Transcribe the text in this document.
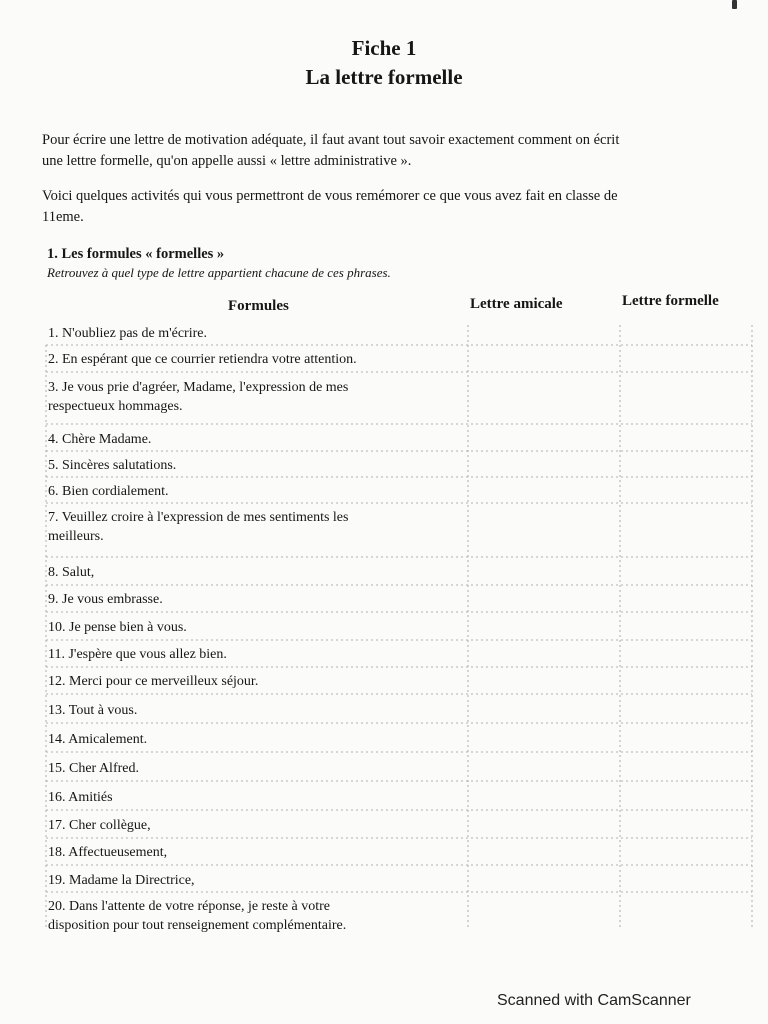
Fiche 1
La lettre formelle
Pour écrire une lettre de motivation adéquate, il faut avant tout savoir exactement comment on écrit
une lettre formelle, qu'on appelle aussi « lettre administrative ».
Voici quelques activités qui vous permettront de vous remémorer ce que vous avez fait en classe de
11eme.
1. Les formules « formelles »
Retrouvez à quel type de lettre appartient chacune de ces phrases.
Formules	Lettre amicale	Lettre formelle
1. N'oubliez pas de m'écrire.
2. En espérant que ce courrier retiendra votre attention.
3. Je vous prie d'agréer, Madame, l'expression de mes
respectueux hommages.
4. Chère Madame.
5. Sincères salutations.
6. Bien cordialement.
7. Veuillez croire à l'expression de mes sentiments les
meilleurs.
8. Salut,
9. Je vous embrasse.
10. Je pense bien à vous.
11. J'espère que vous allez bien.
12. Merci pour ce merveilleux séjour.
13. Tout à vous.
14. Amicalement.
15. Cher Alfred.
16. Amitiés
17. Cher collègue,
18. Affectueusement,
19. Madame la Directrice,
20. Dans l'attente de votre réponse, je reste à votre
disposition pour tout renseignement complémentaire.
Scanned with CamScanner
